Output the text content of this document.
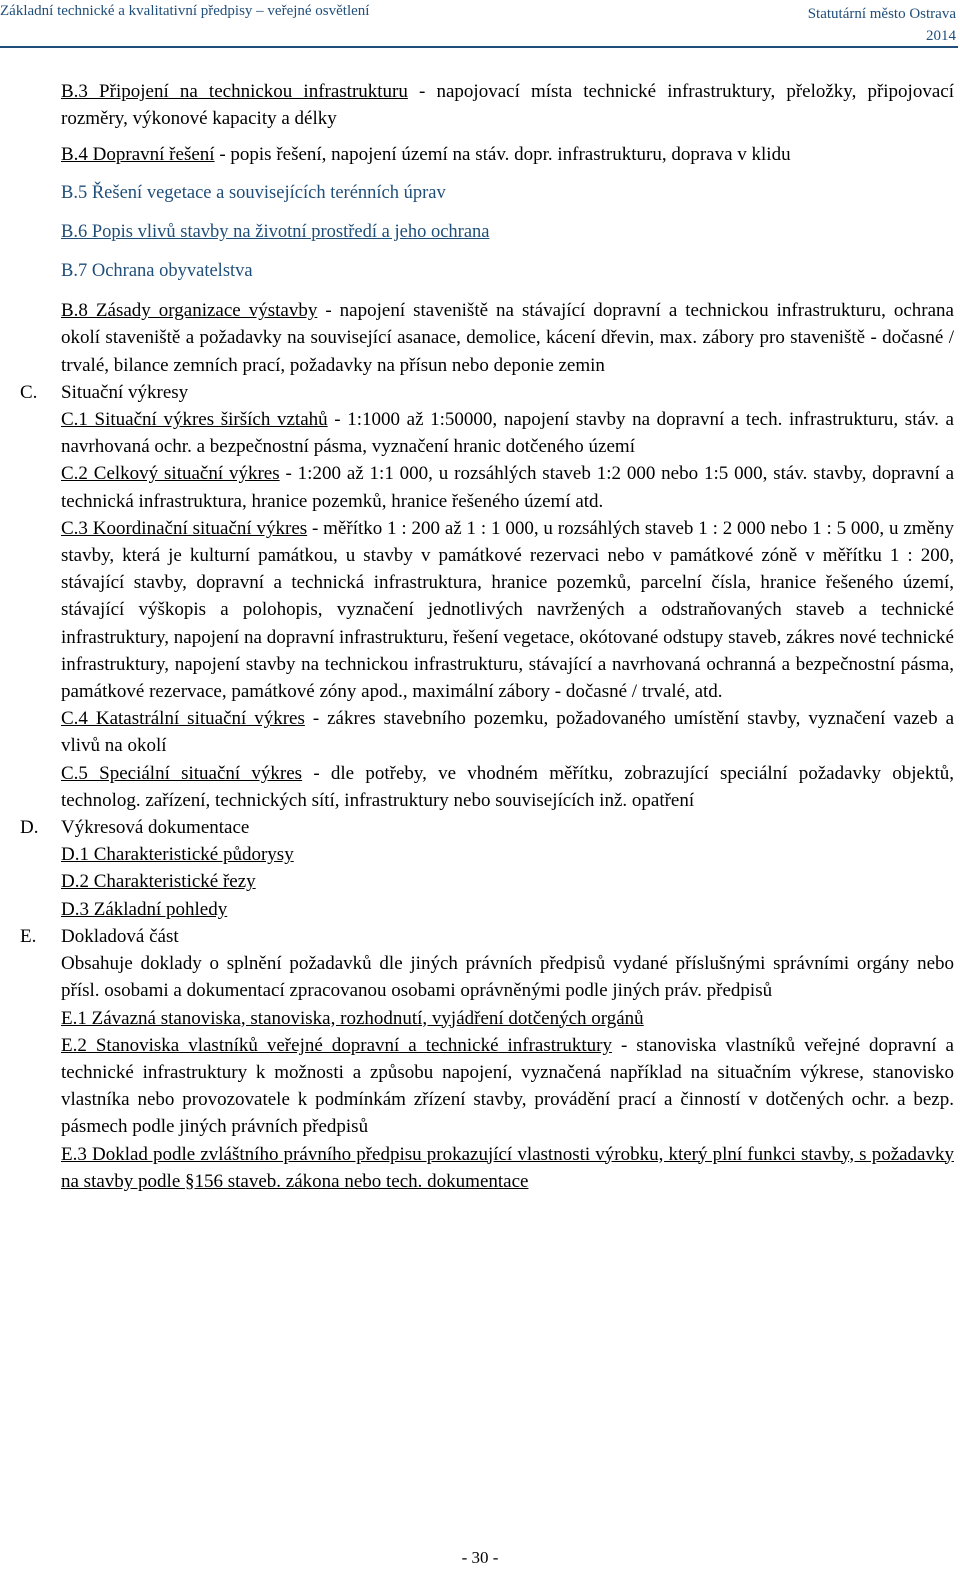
Základní technické a kvalitativní předpisy – veřejné osvětlení	Statutární město Ostrava
2014
B.3 Připojení na technickou infrastrukturu - napojovací místa technické infrastruktury, přeložky, připojovací rozměry, výkonové kapacity a délky
B.4 Dopravní řešení - popis řešení, napojení území na stáv. dopr. infrastrukturu, doprava v klidu
B.5 Řešení vegetace a souvisejících terénních úprav
B.6 Popis vlivů stavby na životní prostředí a jeho ochrana
B.7 Ochrana obyvatelstva
B.8 Zásady organizace výstavby - napojení staveniště na stávající dopravní a technickou infrastrukturu, ochrana okolí staveniště a požadavky na související asanace, demolice, kácení dřevin, max. zábory pro staveniště - dočasné / trvalé, bilance zemních prací, požadavky na přísun nebo deponie zemin
C. Situační výkresy
C.1 Situační výkres širších vztahů - 1:1000 až 1:50000, napojení stavby na dopravní a tech. infrastrukturu, stáv. a navrhovaná ochr. a bezpečnostní pásma, vyznačení hranic dotčeného území
C.2 Celkový situační výkres - 1:200 až 1:1 000, u rozsáhlých staveb 1:2 000 nebo 1:5 000, stáv. stavby, dopravní a technická infrastruktura, hranice pozemků, hranice řešeného území atd.
C.3 Koordinační situační výkres - měřítko 1 : 200 až 1 : 1 000, u rozsáhlých staveb 1 : 2 000 nebo 1 : 5 000, u změny stavby, která je kulturní památkou, u stavby v památkové rezervaci nebo v památkové zóně v měřítku 1 : 200, stávající stavby, dopravní a technická infrastruktura, hranice pozemků, parcelní čísla, hranice řešeného území, stávající výškopis a polohopis, vyznačení jednotlivých navržených a odstraňovaných staveb a technické infrastruktury, napojení na dopravní infrastrukturu, řešení vegetace, okótované odstupy staveb, zákres nové technické infrastruktury, napojení stavby na technickou infrastrukturu, stávající a navrhovaná ochranná a bezpečnostní pásma, památkové rezervace, památkové zóny apod., maximální zábory - dočasné / trvalé, atd.
C.4 Katastrální situační výkres - zákres stavebního pozemku, požadovaného umístění stavby, vyznačení vazeb a vlivů na okolí
C.5 Speciální situační výkres - dle potřeby, ve vhodném měřítku, zobrazující speciální požadavky objektů, technolog. zařízení, technických sítí, infrastruktury nebo souvisejících inž. opatření
D. Výkresová dokumentace
D.1 Charakteristické půdorysy
D.2 Charakteristické řezy
D.3 Základní pohledy
E. Dokladová část
Obsahuje doklady o splnění požadavků dle jiných právních předpisů vydané příslušnými správními orgány nebo přísl. osobami a dokumentací zpracovanou osobami oprávněnými podle jiných práv. předpisů
E.1 Závazná stanoviska, stanoviska, rozhodnutí, vyjádření dotčených orgánů
E.2 Stanoviska vlastníků veřejné dopravní a technické infrastruktury - stanoviska vlastníků veřejné dopravní a technické infrastruktury k možnosti a způsobu napojení, vyznačená například na situačním výkrese, stanovisko vlastníka nebo provozovatele k podmínkám zřízení stavby, provádění prací a činností v dotčených ochr. a bezp. pásmech podle jiných právních předpisů
E.3 Doklad podle zvláštního právního předpisu prokazující vlastnosti výrobku, který plní funkci stavby, s požadavky na stavby podle §156 staveb. zákona nebo tech. dokumentace
- 30 -
